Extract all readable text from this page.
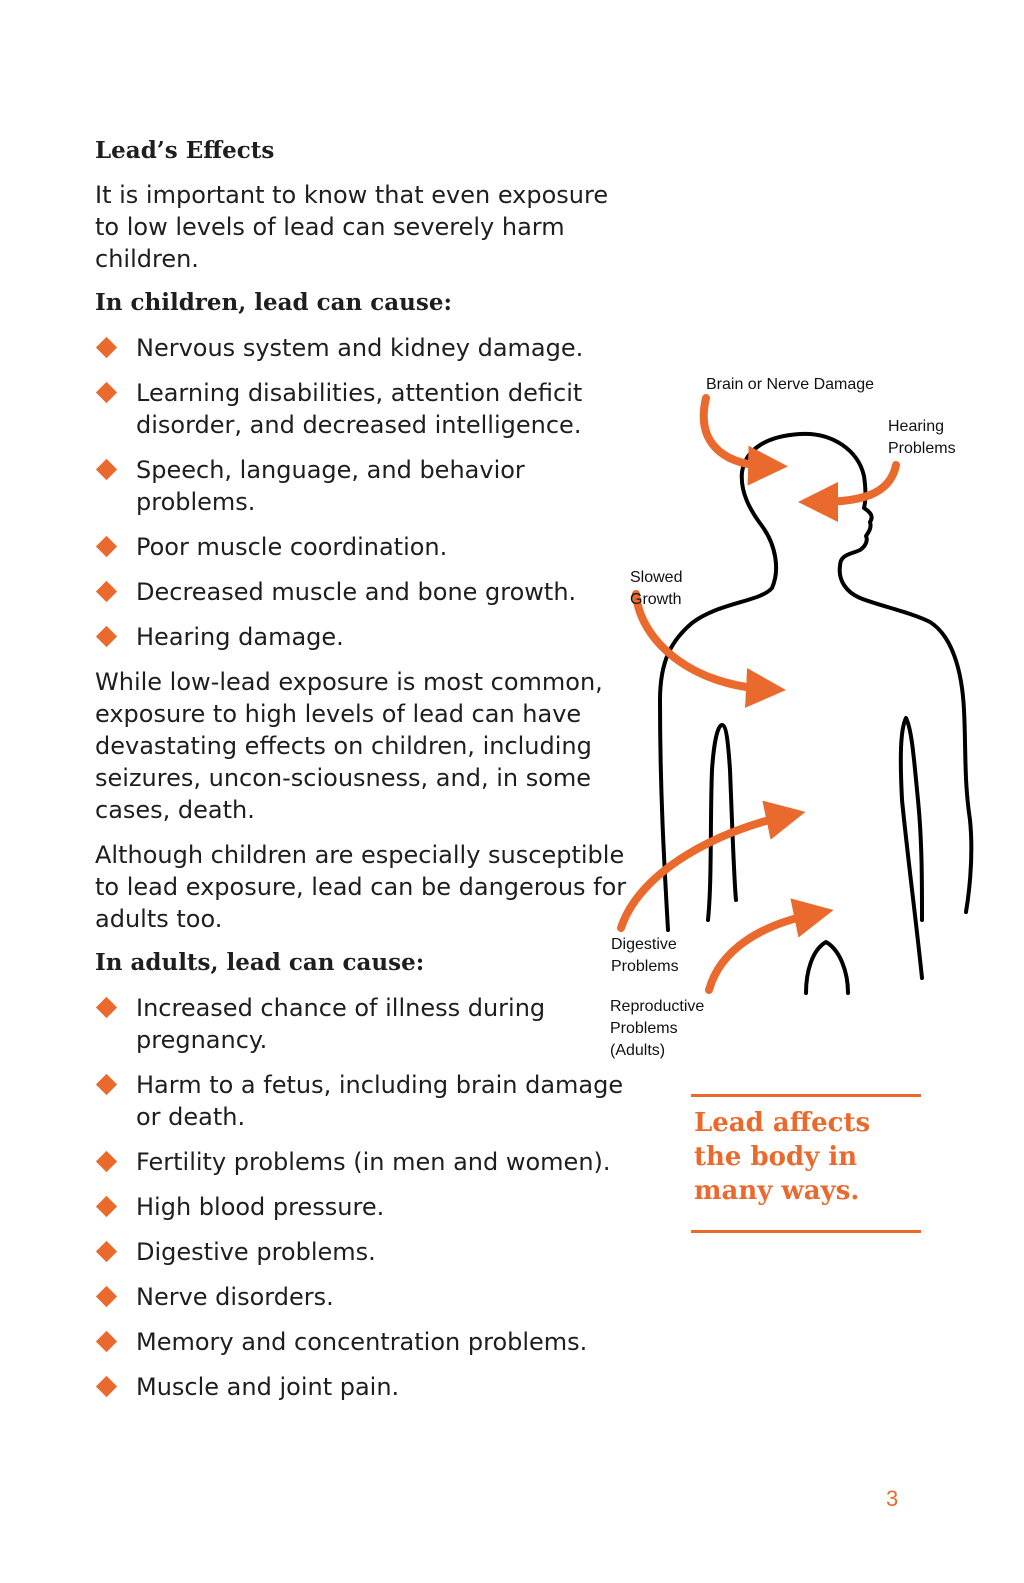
Lead’s Effects

It is important to know that even exposure to low levels of lead can severely harm children.

In children, lead can cause:
Nervous system and kidney damage.
Learning disabilities, attention deficit disorder, and decreased intelligence.
Speech, language, and behavior problems.
Poor muscle coordination.
Decreased muscle and bone growth.
Hearing damage.

While low-lead exposure is most common, exposure to high levels of lead can have devastating effects on children, including seizures, uncon-sciousness, and, in some cases, death.

Although children are especially susceptible to lead exposure, lead can be dangerous for adults too.

In adults, lead can cause:
Increased chance of illness during pregnancy.
Harm to a fetus, including brain damage or death.
Fertility problems (in men and women).
High blood pressure.
Digestive problems.
Nerve disorders.
Memory and concentration problems.
Muscle and joint pain.
Brain or Nerve Damage
Hearing
Problems
Slowed
Growth
Digestive
Problems
Reproductive
Problems
(Adults)
Lead affects
the body in
many ways.
3
